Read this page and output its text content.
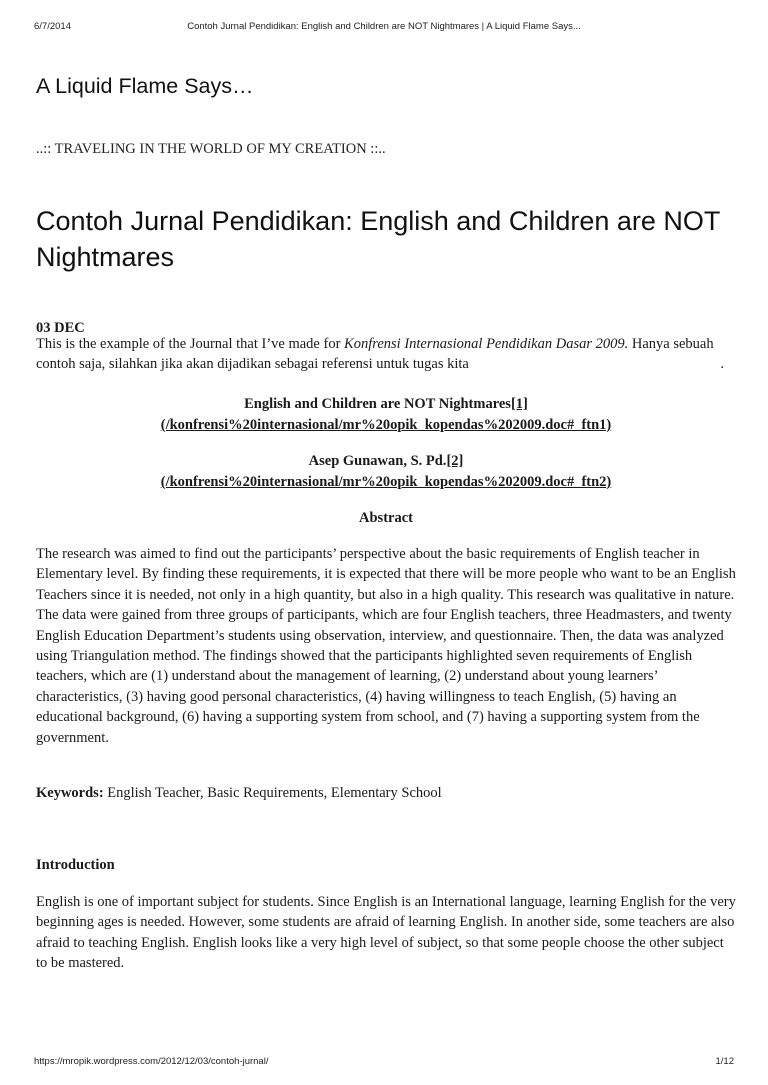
6/7/2014	Contoh Jurnal Pendidikan: English and Children are NOT Nightmares | A Liquid Flame Says...
A Liquid Flame Says…
..:: TRAVELING IN THE WORLD OF MY CREATION ::..
Contoh Jurnal Pendidikan: English and Children are NOT Nightmares
03 DEC

This is the example of the Journal that I’ve made for Konfrensi Internasional Pendidikan Dasar 2009. Hanya sebuah contoh saja, silahkan jika akan dijadikan sebagai referensi untuk tugas kita	.

English and Children are NOT Nightmares[1]
(/konfrensi%20internasional/mr%20opik_kopendas%202009.doc#_ftn1)
Asep Gunawan, S. Pd.[2]
(/konfrensi%20internasional/mr%20opik_kopendas%202009.doc#_ftn2)
Abstract

The research was aimed to find out the participants’ perspective about the basic requirements of English teacher in Elementary level. By finding these requirements, it is expected that there will be more people who want to be an English Teachers since it is needed, not only in a high quantity, but also in a high quality. This research was qualitative in nature. The data were gained from three groups of participants, which are four English teachers, three Headmasters, and twenty English Education Department’s students using observation, interview, and questionnaire. Then, the data was analyzed using Triangulation method. The findings showed that the participants highlighted seven requirements of English teachers, which are (1) understand about the management of learning, (2) understand about young learners’ characteristics, (3) having good personal characteristics, (4) having willingness to teach English, (5) having an educational background, (6) having a supporting system from school, and (7) having a supporting system from the government.

Keywords: English Teacher, Basic Requirements, Elementary School

Introduction

English is one of important subject for students. Since English is an International language, learning English for the very beginning ages is needed. However, some students are afraid of learning English. In another side, some teachers are also afraid to teaching English. English looks like a very high level of subject, so that some people choose the other subject to be mastered.

https://mropik.wordpress.com/2012/12/03/contoh-jurnal/	1/12
